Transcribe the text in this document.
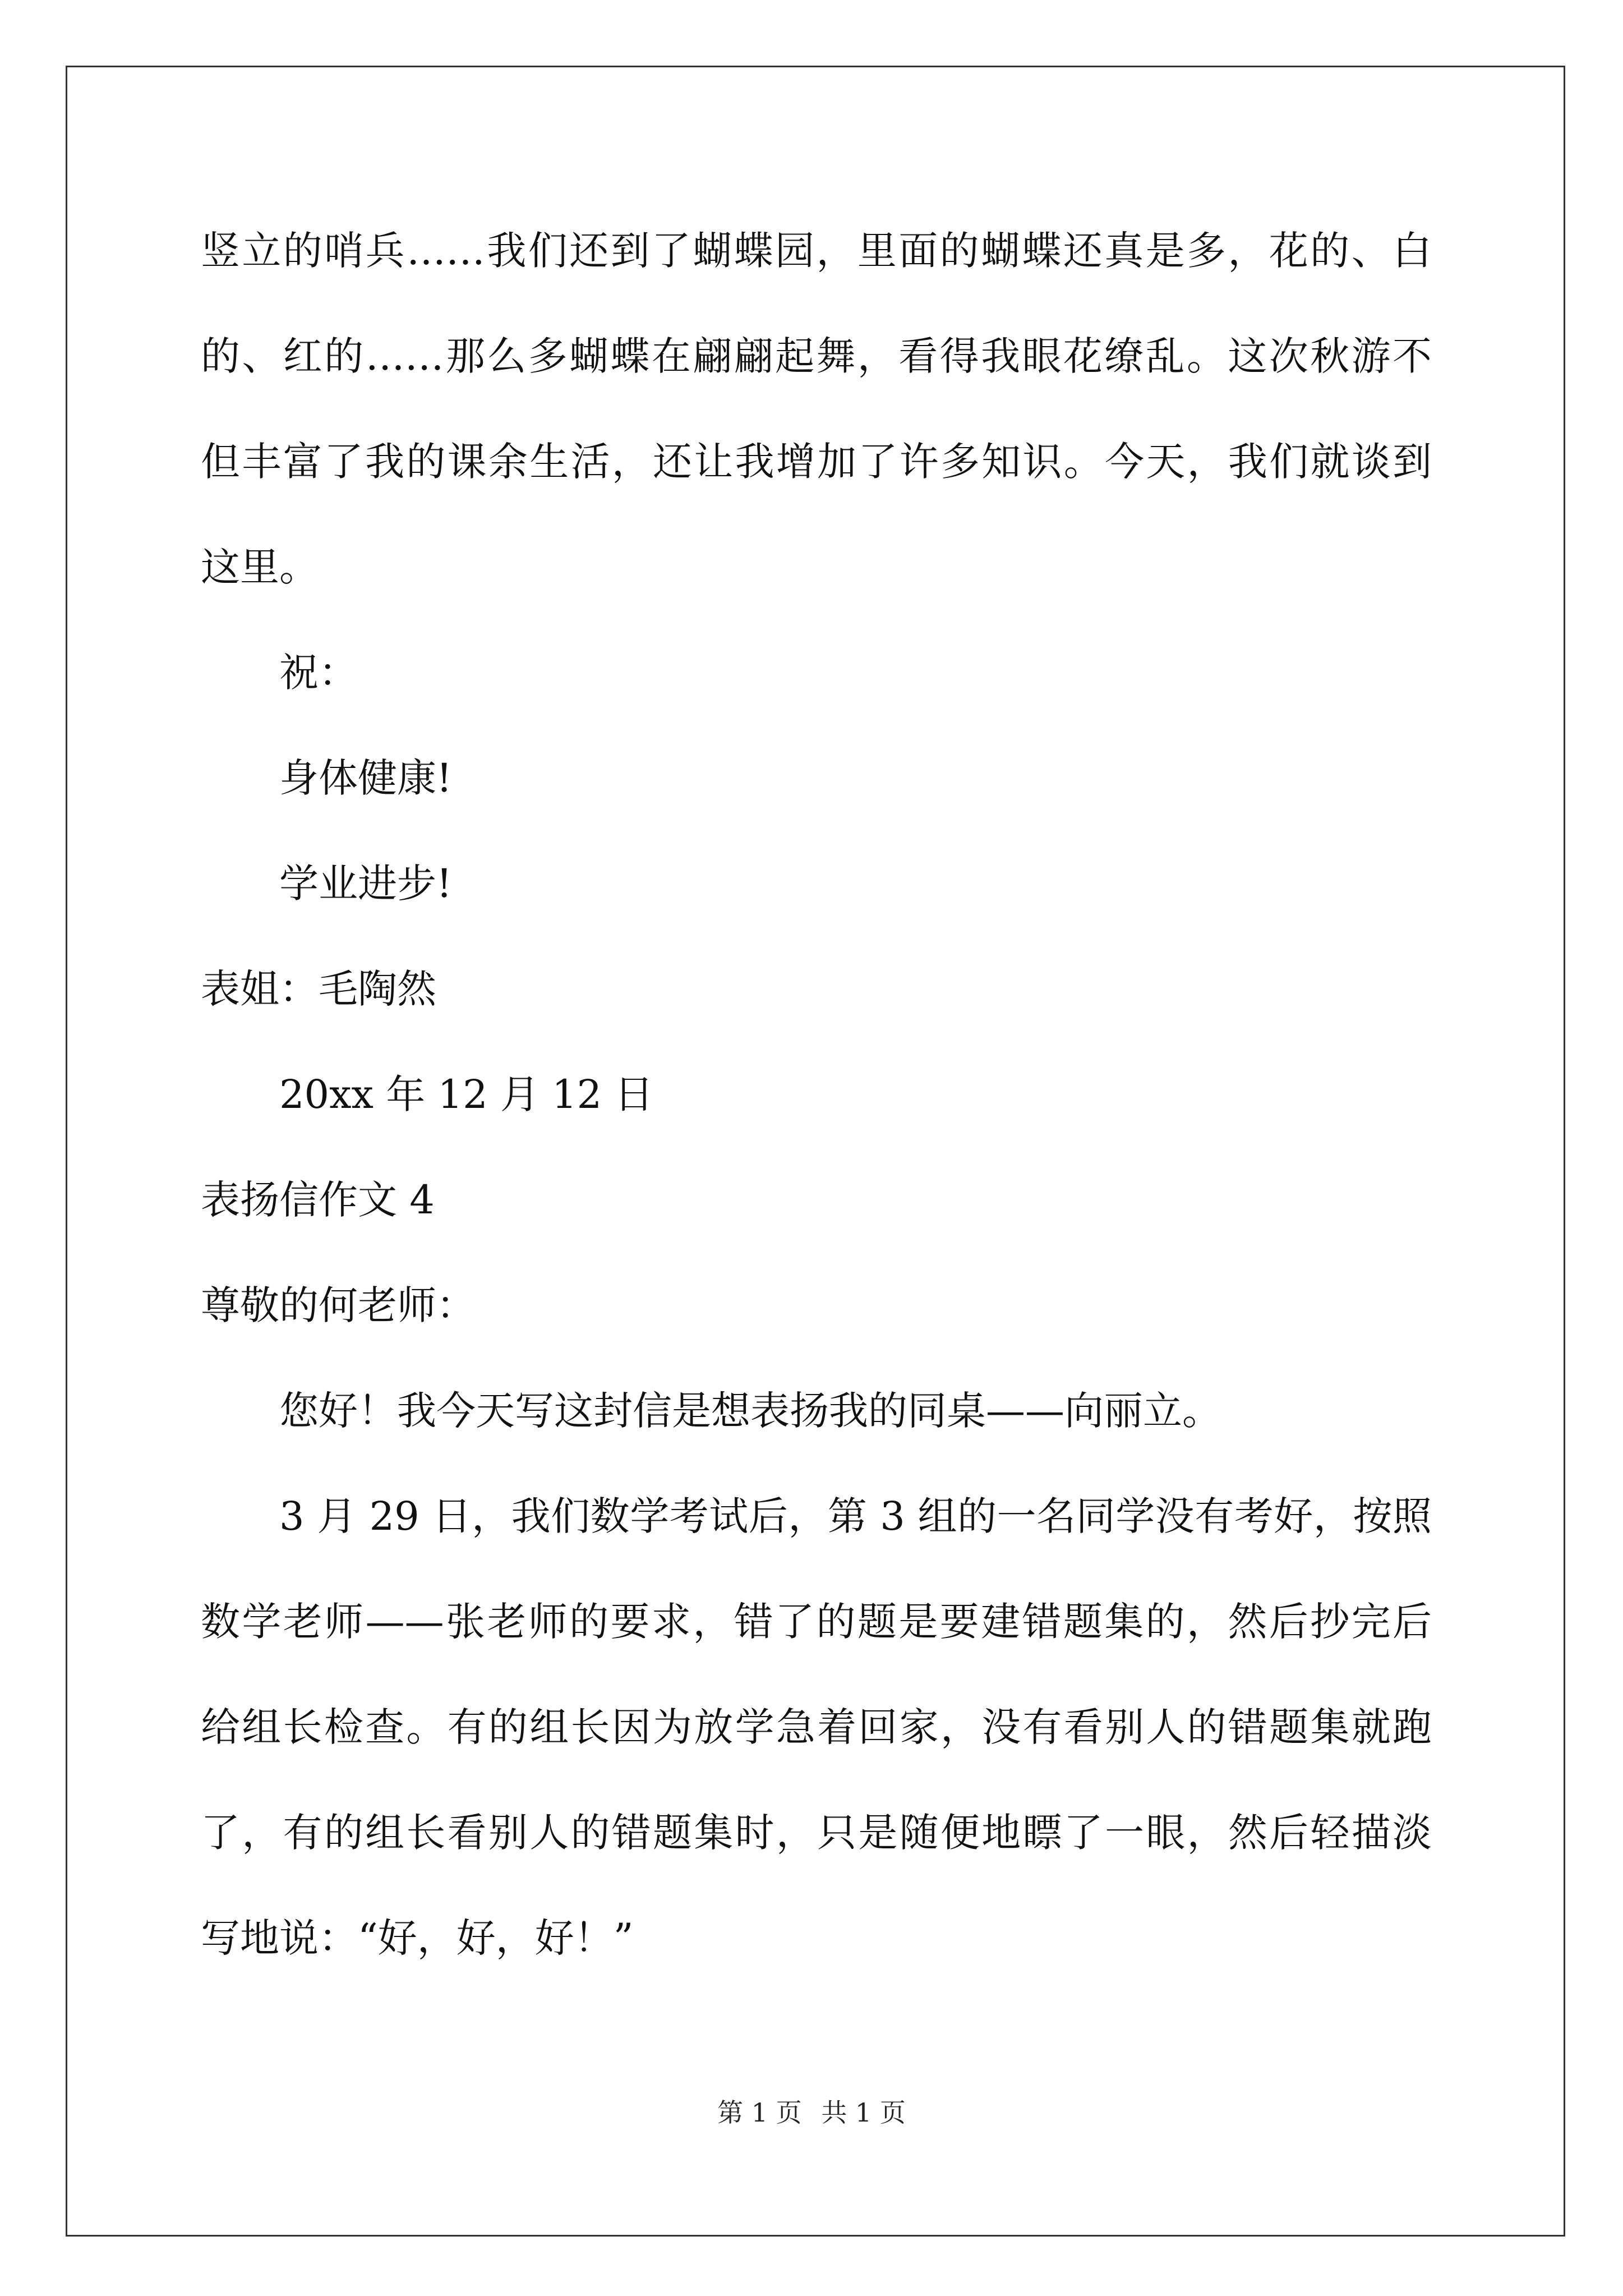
竖立的哨兵……我们还到了蝴蝶园，里面的蝴蝶还真是多，花的、白
的、红的……那么多蝴蝶在翩翩起舞，看得我眼花缭乱。这次秋游不
但丰富了我的课余生活，还让我增加了许多知识。今天，我们就谈到
这里。
祝：
身体健康!
学业进步!
表姐：毛陶然
20xx 年 12 月 12 日
表扬信作文 4
尊敬的何老师：
您好！我今天写这封信是想表扬我的同桌——向丽立。
3 月 29 日，我们数学考试后，第 3 组的一名同学没有考好，按照
数学老师——张老师的要求，错了的题是要建错题集的，然后抄完后
给组长检查。有的组长因为放学急着回家，没有看别人的错题集就跑
了，有的组长看别人的错题集时，只是随便地瞟了一眼，然后轻描淡
写地说：“好，好，好！”
第 1 页 共 1 页
